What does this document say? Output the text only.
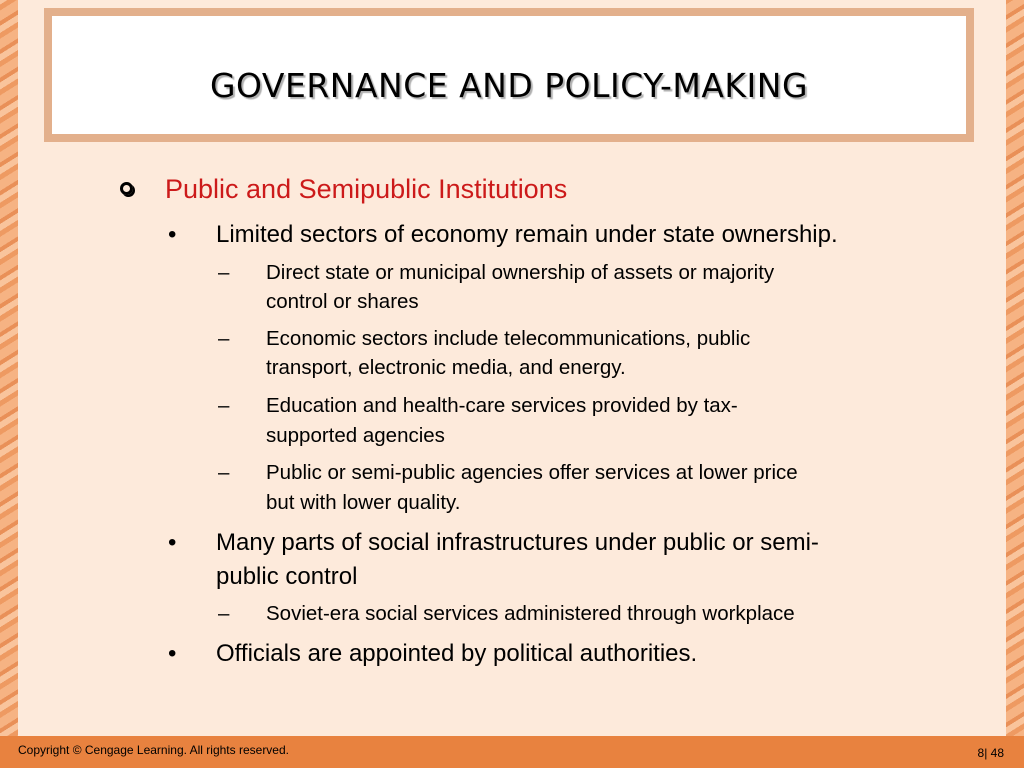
GOVERNANCE AND POLICY-MAKING
Public and Semipublic Institutions
• Limited sectors of economy remain under state ownership.
– Direct state or municipal ownership of assets or majority
control or shares
– Economic sectors include telecommunications, public
transport, electronic media, and energy.
– Education and health-care services provided by tax-
supported agencies
– Public or semi-public agencies offer services at lower price
but with lower quality.
• Many parts of social infrastructures under public or semi-
public control
– Soviet-era social services administered through workplace
• Officials are appointed by political authorities.
Copyright © Cengage Learning. All rights reserved.	8| 48
